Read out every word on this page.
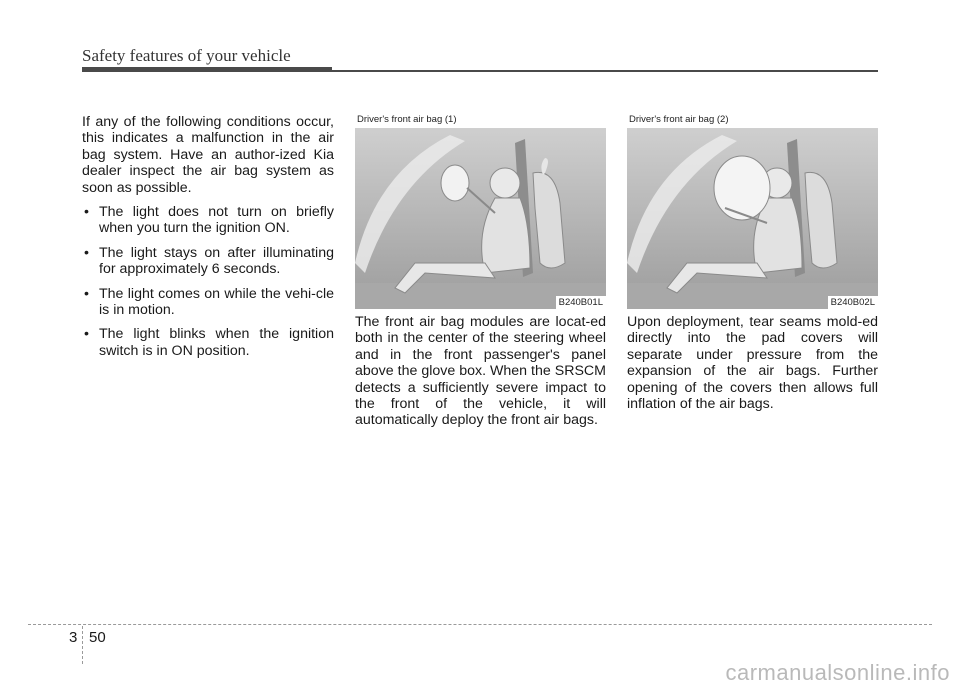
Safety features of your vehicle

If any of the following conditions occur, this indicates a malfunction in the air bag system. Have an author-ized Kia dealer inspect the air bag system as soon as possible.

• The light does not turn on briefly when you turn the ignition ON.
• The light stays on after illuminating for approximately 6 seconds.
• The light comes on while the vehi-cle is in motion.
• The light blinks when the ignition switch is in ON position.
Driver's front air bag (1)
B240B01L
Driver's front air bag (2)
B240B02L

The front air bag modules are locat-ed both in the center of the steering wheel and in the front passenger's panel above the glove box. When the SRSCM detects a sufficiently severe impact to the front of the vehicle, it will automatically deploy the front air bags.

Upon deployment, tear seams mold-ed directly into the pad covers will separate under pressure from the expansion of the air bags. Further opening of the covers then allows full inflation of the air bags.

3 50
carmanualsonline.info
